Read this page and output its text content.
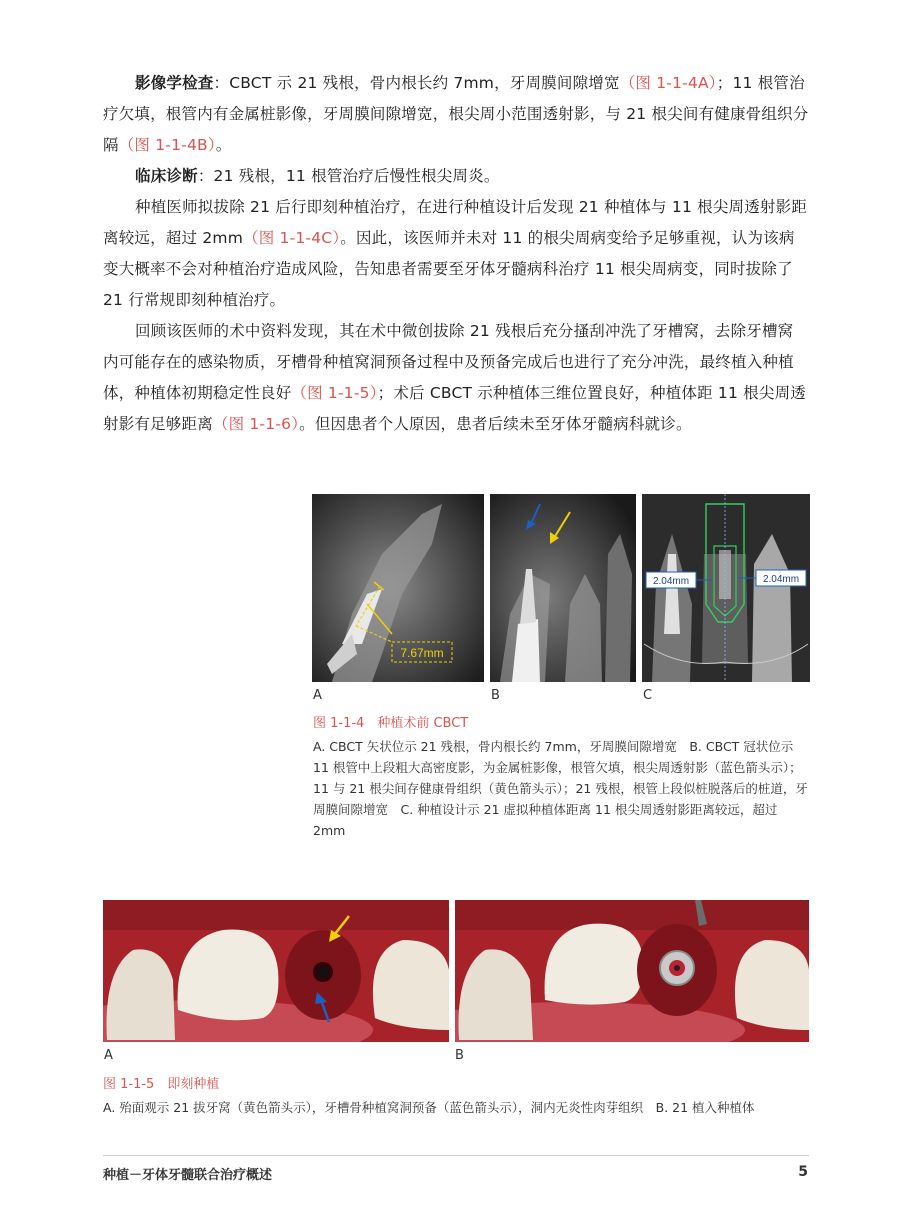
影像学检查：CBCT 示 21 残根，骨内根长约 7mm，牙周膜间隙增宽（图 1-1-4A）；11 根管治疗欠填，根管内有金属桩影像，牙周膜间隙增宽，根尖周小范围透射影，与 21 根尖间有健康骨组织分隔（图 1-1-4B）。

临床诊断：21 残根，11 根管治疗后慢性根尖周炎。

种植医师拟拔除 21 后行即刻种植治疗，在进行种植设计后发现 21 种植体与 11 根尖周透射影距离较远，超过 2mm（图 1-1-4C）。因此，该医师并未对 11 的根尖周病变给予足够重视，认为该病变大概率不会对种植治疗造成风险，告知患者需要至牙体牙髓病科治疗 11 根尖周病变，同时拔除了 21 行常规即刻种植治疗。

回顾该医师的术中资料发现，其在术中微创拔除 21 残根后充分搔刮冲洗了牙槽窝，去除牙槽窝内可能存在的感染物质，牙槽骨种植窝洞预备过程中及预备完成后也进行了充分冲洗，最终植入种植体，种植体初期稳定性良好（图 1-1-5）；术后 CBCT 示种植体三维位置良好，种植体距 11 根尖周透射影有足够距离（图 1-1-6）。但因患者个人原因，患者后续未至牙体牙髓病科就诊。

7.67mm
2.04mm	2.04mm
A	B	C
图 1-1-4　种植术前 CBCT

A. CBCT 矢状位示 21 残根，骨内根长约 7mm，牙周膜间隙增宽　B. CBCT 冠状位示 11 根管中上段粗大高密度影，为金属桩影像，根管欠填，根尖周透射影（蓝色箭头示）；11 与 21 根尖间存健康骨组织（黄色箭头示）；21 残根，根管上段似桩脱落后的桩道，牙周膜间隙增宽　C. 种植设计示 21 虚拟种植体距离 11 根尖周透射影距离较远，超过 2mm

A	B
图 1-1-5　即刻种植

A. 殆面观示 21 拔牙窝（黄色箭头示），牙槽骨种植窝洞预备（蓝色箭头示），洞内无炎性肉芽组织　B. 21 植入种植体

种植－牙体牙髓联合治疗概述	5
